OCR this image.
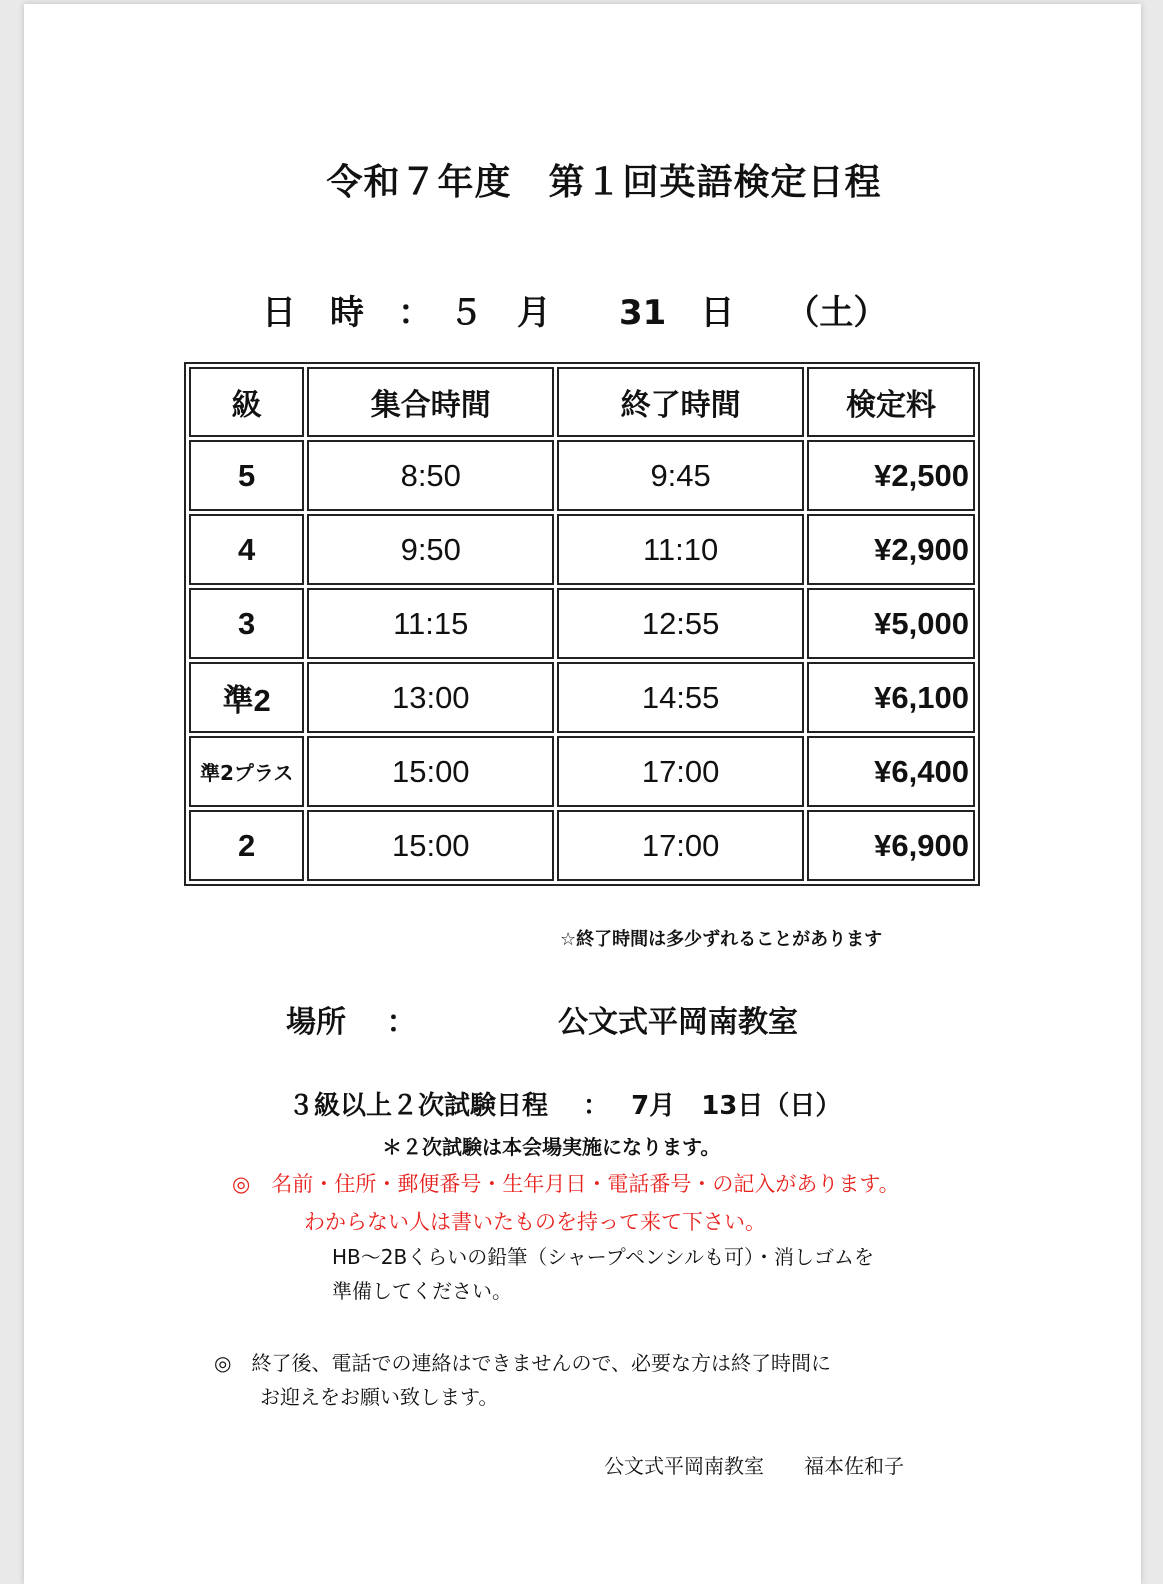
令和７年度　第１回英語検定日程
日　時　：　５　月　　31　日　　（土）
級	集合時間	終了時間	検定料
5	8:50	9:45	¥2,500
4	9:50	11:10	¥2,900
3	11:15	12:55	¥5,000
準2	13:00	14:55	¥6,100
準2プラス	15:00	17:00	¥6,400
2	15:00	17:00	¥6,900
☆終了時間は多少ずれることがあります
場所　 ：	公文式平岡南教室
３級以上２次試験日程　 ：　 7月　13日（日）
＊２次試験は本会場実施になります。
◎　名前・住所・郵便番号・生年月日・電話番号・の記入があります。
わからない人は書いたものを持って来て下さい。
HB～2Bくらいの鉛筆（シャープペンシルも可）・消しゴムを
準備してください。
◎　終了後、電話での連絡はできませんので、必要な方は終了時間に
お迎えをお願い致します。
公文式平岡南教室　　福本佐和子
